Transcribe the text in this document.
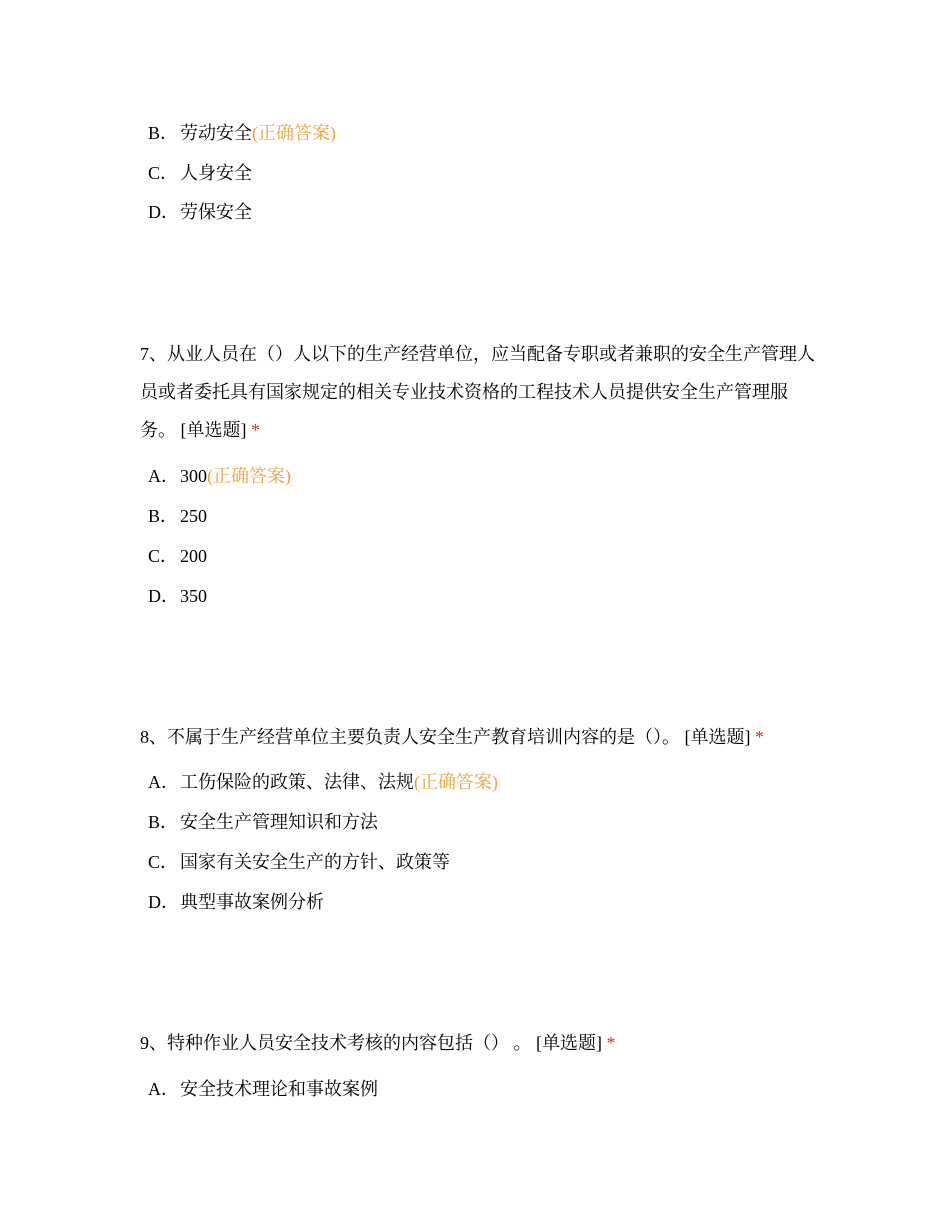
B． 劳动安全(正确答案)
C． 人身安全
D．劳保安全
7、从业人员在（）人以下的生产经营单位，应当配备专职或者兼职的安全生产管理人员或者委托具有国家规定的相关专业技术资格的工程技术人员提供安全生产管理服务。 [单选题] *
A．300(正确答案)
B． 250
C． 200
D．350
8、不属于生产经营单位主要负责人安全生产教育培训内容的是（）。 [单选题] *
A．工伤保险的政策、法律、法规(正确答案)
B． 安全生产管理知识和方法
C． 国家有关安全生产的方针、政策等
D．典型事故案例分析
9、特种作业人员安全技术考核的内容包括（） 。 [单选题] *
A．安全技术理论和事故案例
